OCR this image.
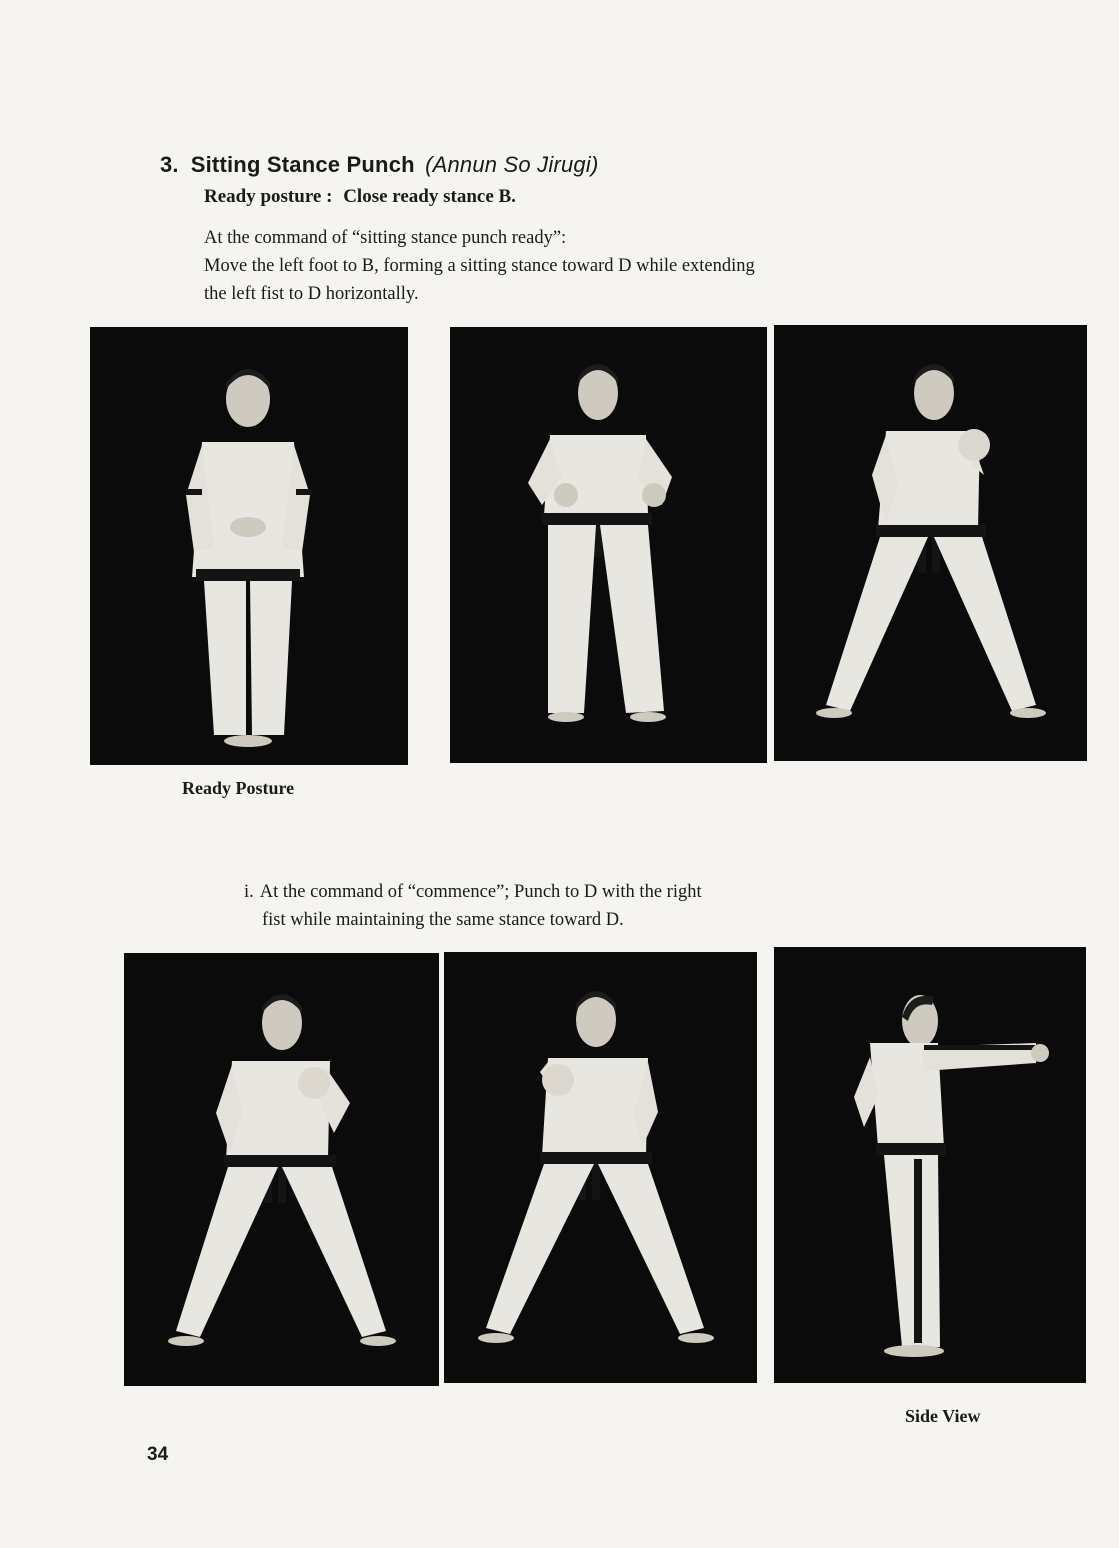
3. Sitting Stance Punch (Annun So Jirugi)
Ready posture : Close ready stance B.

At the command of “sitting stance punch ready”:

Move the left foot to B, forming a sitting stance toward D while extending

the left fist to D horizontally.

Ready Posture
i. At the command of “commence”; Punch to D with the right
fist while maintaining the same stance toward D.
Side View
34
